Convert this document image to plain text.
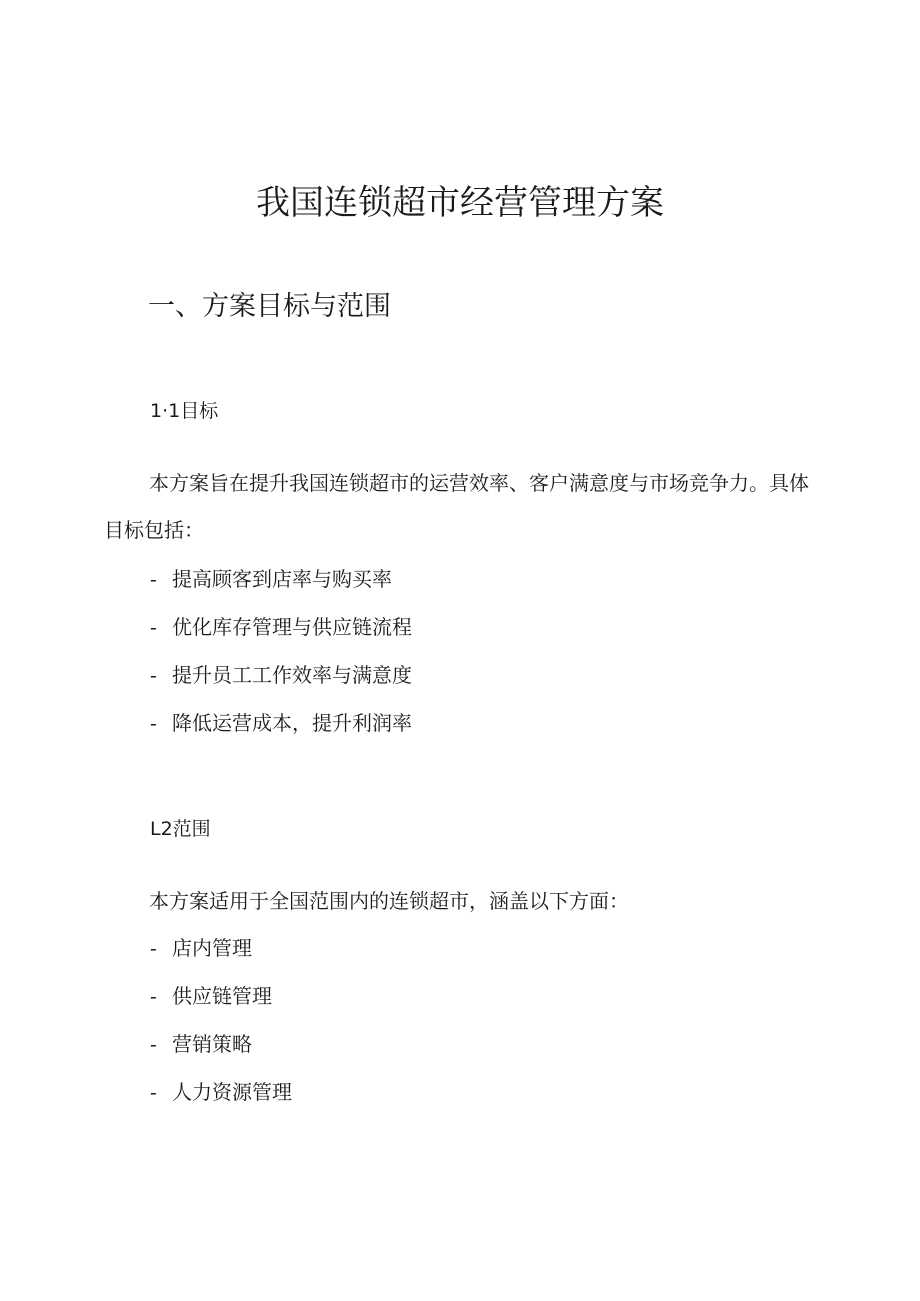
我国连锁超市经营管理方案
一、方案目标与范围
1·1目标

本方案旨在提升我国连锁超市的运营效率、客户满意度与市场竞争力。具体目标包括：

- 提高顾客到店率与购买率
- 优化库存管理与供应链流程
- 提升员工工作效率与满意度
- 降低运营成本，提升利润率
L2范围

本方案适用于全国范围内的连锁超市，涵盖以下方面：

- 店内管理
- 供应链管理
- 营销策略
- 人力资源管理
